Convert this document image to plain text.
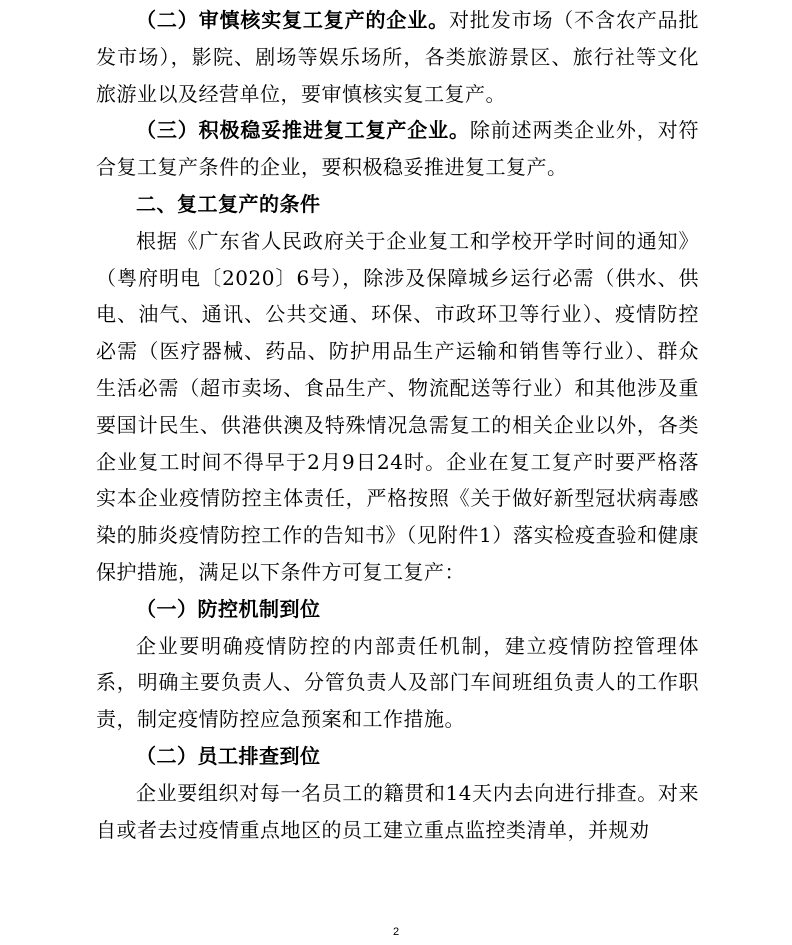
（二）审慎核实复工复产的企业。对批发市场（不含农产品批发市场），影院、剧场等娱乐场所，各类旅游景区、旅行社等文化旅游业以及经营单位，要审慎核实复工复产。

（三）积极稳妥推进复工复产企业。除前述两类企业外，对符合复工复产条件的企业，要积极稳妥推进复工复产。

二、复工复产的条件

根据《广东省人民政府关于企业复工和学校开学时间的通知》（粤府明电〔2020〕6号），除涉及保障城乡运行必需（供水、供电、油气、通讯、公共交通、环保、市政环卫等行业）、疫情防控必需（医疗器械、药品、防护用品生产运输和销售等行业）、群众生活必需（超市卖场、食品生产、物流配送等行业）和其他涉及重要国计民生、供港供澳及特殊情况急需复工的相关企业以外，各类企业复工时间不得早于2月9日24时。企业在复工复产时要严格落实本企业疫情防控主体责任，严格按照《关于做好新型冠状病毒感染的肺炎疫情防控工作的告知书》（见附件1）落实检疫查验和健康保护措施，满足以下条件方可复工复产：

（一）防控机制到位

企业要明确疫情防控的内部责任机制，建立疫情防控管理体系，明确主要负责人、分管负责人及部门车间班组负责人的工作职责，制定疫情防控应急预案和工作措施。

（二）员工排查到位

企业要组织对每一名员工的籍贯和14天内去向进行排查。对来自或者去过疫情重点地区的员工建立重点监控类清单，并规劝

2
